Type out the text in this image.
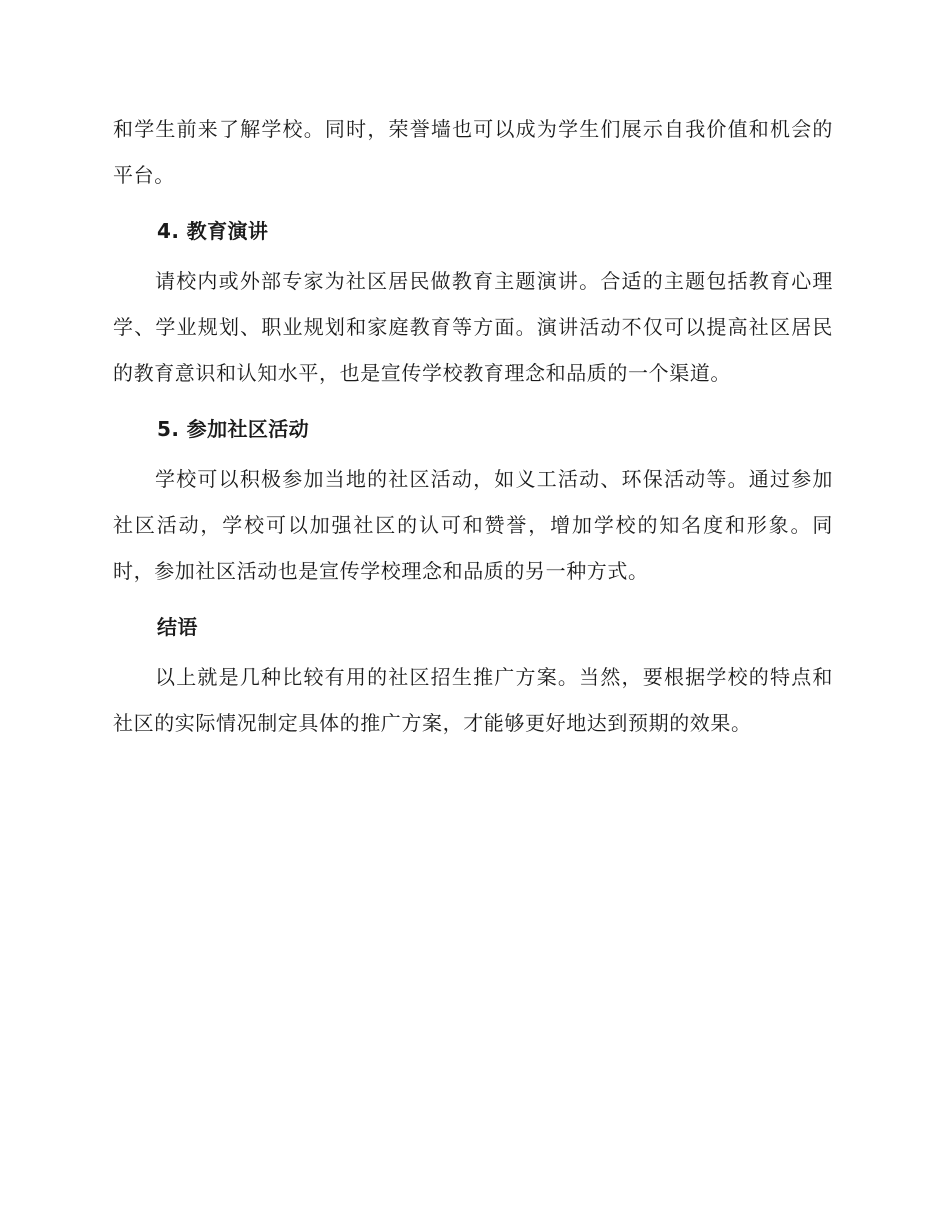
和学生前来了解学校。同时，荣誉墙也可以成为学生们展示自我价值和机会的平台。

4. 教育演讲

请校内或外部专家为社区居民做教育主题演讲。合适的主题包括教育心理学、学业规划、职业规划和家庭教育等方面。演讲活动不仅可以提高社区居民的教育意识和认知水平，也是宣传学校教育理念和品质的一个渠道。

5. 参加社区活动

学校可以积极参加当地的社区活动，如义工活动、环保活动等。通过参加社区活动，学校可以加强社区的认可和赞誉，增加学校的知名度和形象。同时，参加社区活动也是宣传学校理念和品质的另一种方式。

结语

以上就是几种比较有用的社区招生推广方案。当然，要根据学校的特点和社区的实际情况制定具体的推广方案，才能够更好地达到预期的效果。
